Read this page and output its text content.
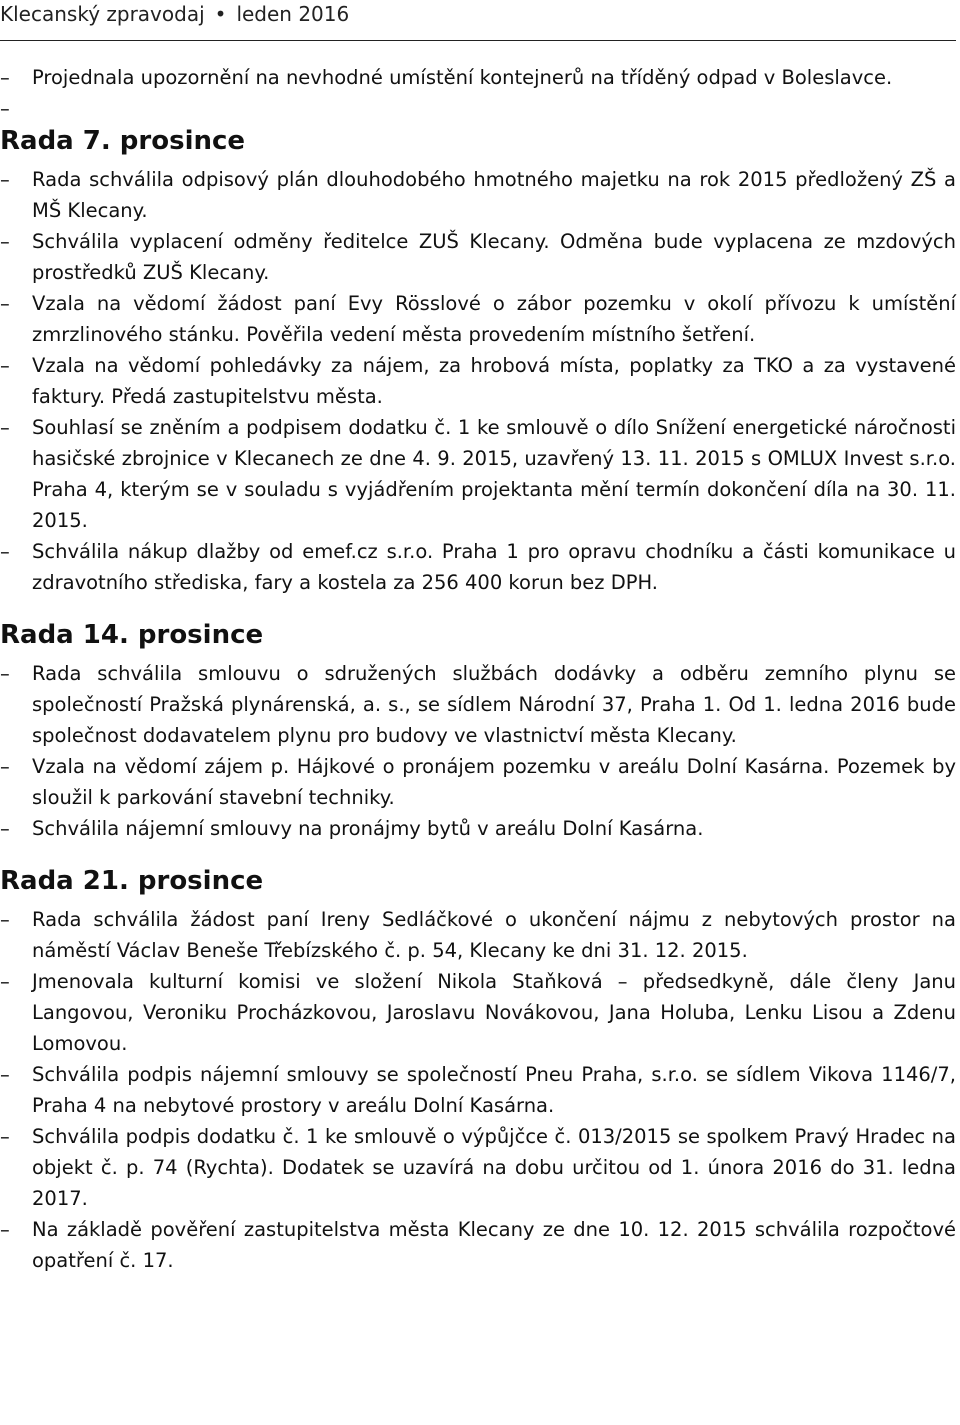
Klecanský zpravodaj • leden 2016
– Projednala upozornění na nevhodné umístění kontejnerů na tříděný odpad v Boleslavce.
–
Rada 7. prosince
– Rada schválila odpisový plán dlouhodobého hmotného majetku na rok 2015 předložený ZŠ a MŠ Klecany.
– Schválila vyplacení odměny ředitelce ZUŠ Klecany. Odměna bude vyplacena ze mzdových prostředků ZUŠ Klecany.
– Vzala na vědomí žádost paní Evy Rösslové o zábor pozemku v okolí přívozu k umístění zmrzlinového stánku. Pověřila vedení města provedením místního šetření.
– Vzala na vědomí pohledávky za nájem, za hrobová místa, poplatky za TKO a za vystavené faktury. Předá zastupitelstvu města.
– Souhlasí se zněním a podpisem dodatku č. 1 ke smlouvě o dílo Snížení energetické náročnosti hasičské zbrojnice v Klecanech ze dne 4. 9. 2015, uzavřený 13. 11. 2015 s OMLUX Invest s.r.o. Praha 4, kterým se v souladu s vyjádřením projektanta mění termín dokončení díla na 30. 11. 2015.
– Schválila nákup dlažby od emef.cz s.r.o. Praha 1 pro opravu chodníku a části komunikace u zdravotního střediska, fary a kostela za 256 400 korun bez DPH.
Rada 14. prosince
– Rada schválila smlouvu o sdružených službách dodávky a odběru zemního plynu se společností Pražská plynárenská, a. s., se sídlem Národní 37, Praha 1. Od 1. ledna 2016 bude společnost dodavatelem plynu pro budovy ve vlastnictví města Klecany.
– Vzala na vědomí zájem p. Hájkové o pronájem pozemku v areálu Dolní Kasárna. Pozemek by sloužil k parkování stavební techniky.
– Schválila nájemní smlouvy na pronájmy bytů v areálu Dolní Kasárna.
Rada 21. prosince
– Rada schválila žádost paní Ireny Sedláčkové o ukončení nájmu z nebytových prostor na náměstí Václav Beneše Třebízského č. p. 54, Klecany ke dni 31. 12. 2015.
– Jmenovala kulturní komisi ve složení Nikola Staňková – předsedkyně, dále členy Janu Langovou, Veroniku Procházkovou, Jaroslavu Novákovou, Jana Holuba, Lenku Lisou a Zdenu Lomovou.
– Schválila podpis nájemní smlouvy se společností Pneu Praha, s.r.o. se sídlem Vikova 1146/7, Praha 4 na nebytové prostory v areálu Dolní Kasárna.
– Schválila podpis dodatku č. 1 ke smlouvě o výpůjčce č. 013/2015 se spolkem Pravý Hradec na objekt č. p. 74 (Rychta). Dodatek se uzavírá na dobu určitou od 1. února 2016 do 31. ledna 2017.
– Na základě pověření zastupitelstva města Klecany ze dne 10. 12. 2015 schválila rozpočtové opatření č. 17.
